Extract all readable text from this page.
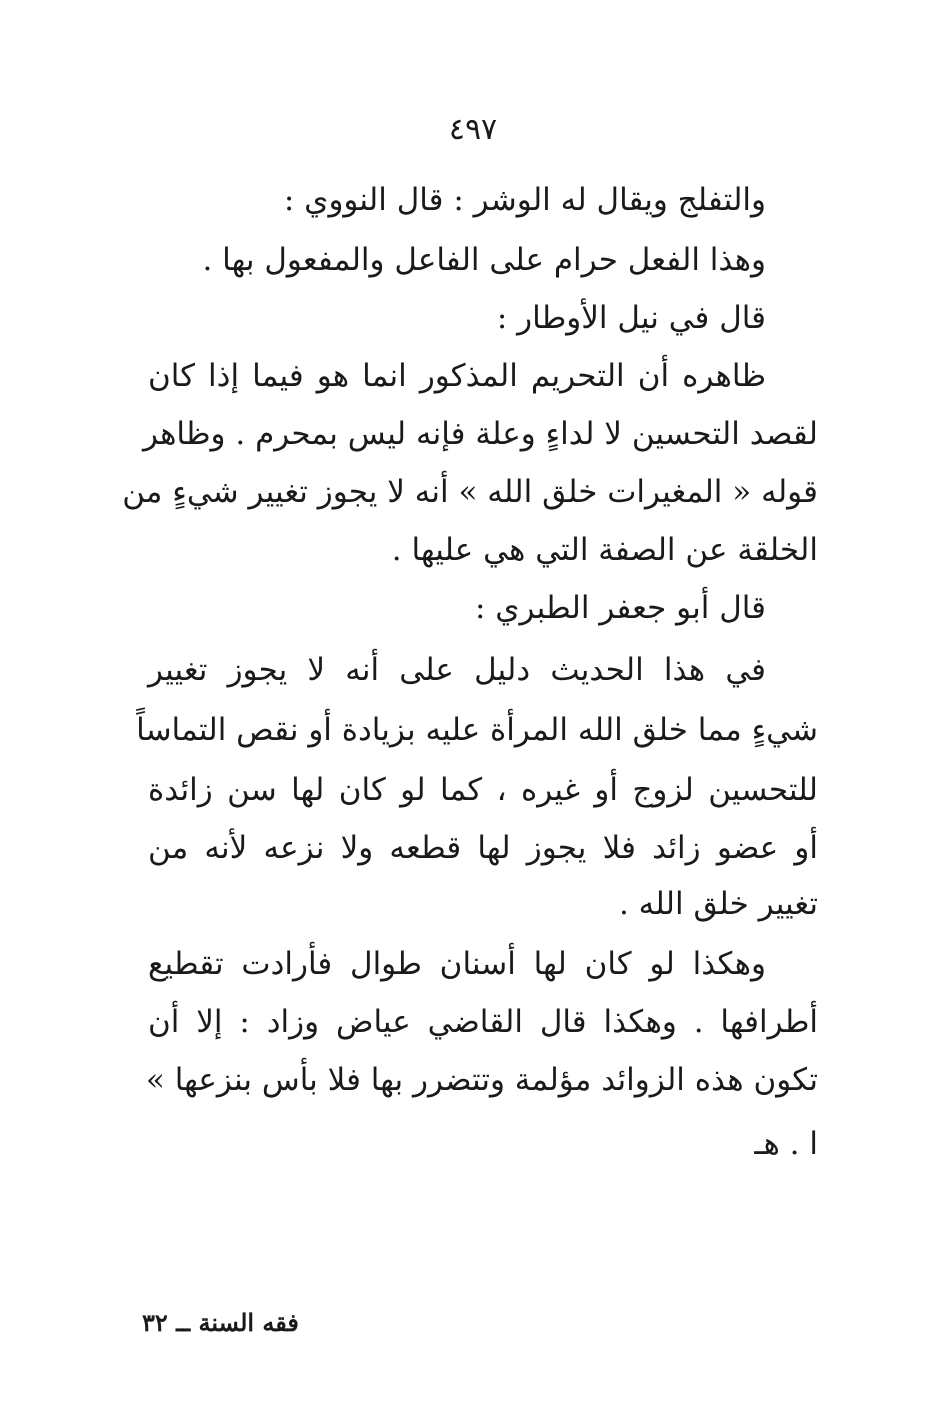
٤٩٧
والتفلج ويقال له الوشر : قال النووي :
وهذا الفعل حرام على الفاعل والمفعول بها .
قال في نيل الأوطار :
ظاهره أن التحريم المذكور انما هو فيما إذا كان
لقصد التحسين لا لداءٍ وعلة فإنه ليس بمحرم . وظاهر
قوله « المغيرات خلق الله » أنه لا يجوز تغيير شيءٍ من
الخلقة عن الصفة التي هي عليها .
قال أبو جعفر الطبري :
في هذا الحديث دليل على أنه لا يجوز تغيير
شيءٍ مما خلق الله المرأة عليه بزيادة أو نقص التماساً
للتحسين لزوج أو غيره ، كما لو كان لها سن زائدة
أو عضو زائد فلا يجوز لها قطعه ولا نزعه لأنه من
تغيير خلق الله .
وهكذا لو كان لها أسنان طوال فأرادت تقطيع
أطرافها . وهكذا قال القاضي عياض وزاد : إلا أن
تكون هذه الزوائد مؤلمة وتتضرر بها فلا بأس بنزعها »
ا . هـ
فقه السنة ــ ٣٢
